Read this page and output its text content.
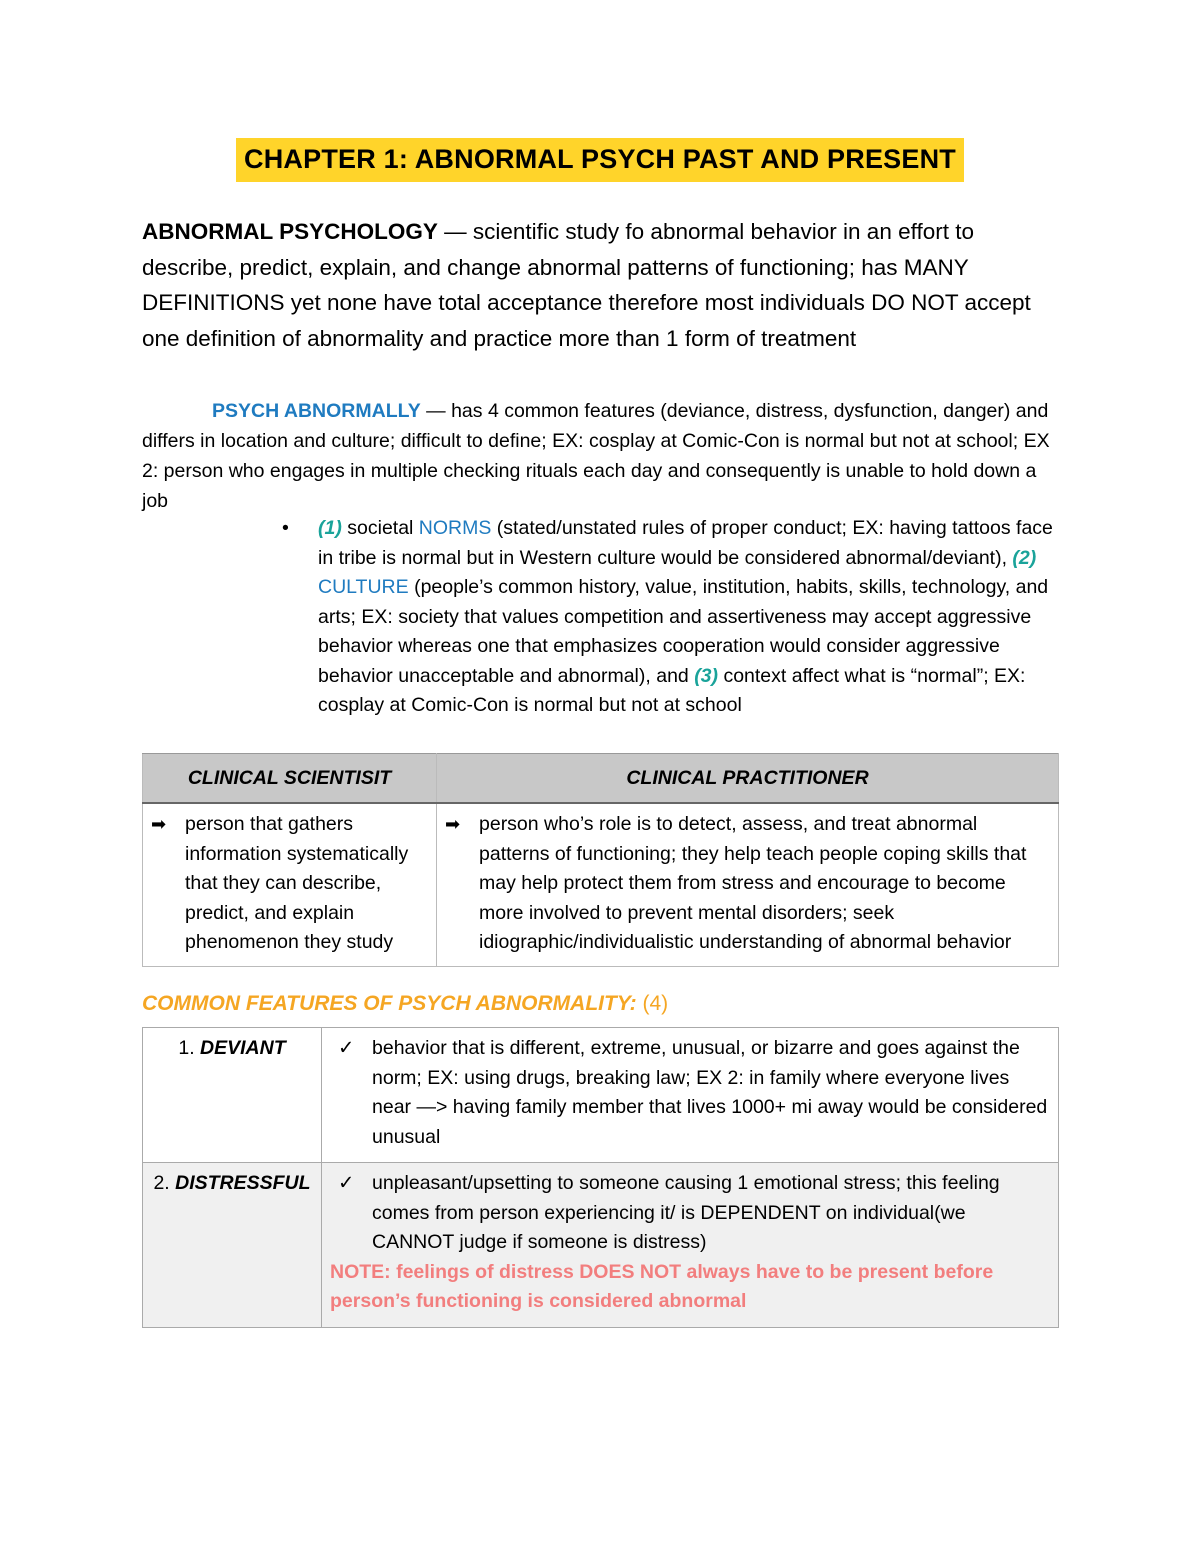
CHAPTER 1: ABNORMAL PSYCH PAST AND PRESENT
ABNORMAL PSYCHOLOGY — scientific study fo abnormal behavior in an effort to describe, predict, explain, and change abnormal patterns of functioning; has MANY DEFINITIONS yet none have total acceptance therefore most individuals DO NOT accept one definition of abnormality and practice more than 1 form of treatment
PSYCH ABNORMALLY — has 4 common features (deviance, distress, dysfunction, danger) and differs in location and culture; difficult to define; EX: cosplay at Comic-Con is normal but not at school; EX 2: person who engages in multiple checking rituals each day and consequently is unable to hold down a job
•	(1) societal NORMS (stated/unstated rules of proper conduct; EX: having tattoos face in tribe is normal but in Western culture would be considered abnormal/deviant), (2) CULTURE (people’s common history, value, institution, habits, skills, technology, and arts; EX: society that values competition and assertiveness may accept aggressive behavior whereas one that emphasizes cooperation would consider aggressive behavior unacceptable and abnormal), and (3) context affect what is “normal”; EX: cosplay at Comic-Con is normal but not at school
CLINICAL SCIENTISIT	CLINICAL PRACTITIONER

➡ person that gathers information systematically that they can describe, predict, and explain phenomenon they study	➡ person who’s role is to detect, assess, and treat abnormal patterns of functioning; they help teach people coping skills that may help protect them from stress and encourage to become more involved to prevent mental disorders; seek idiographic/individualistic understanding of abnormal behavior
COMMON FEATURES OF PSYCH ABNORMALITY: (4)
1. DEVIANT	✓ behavior that is different, extreme, unusual, or bizarre and goes against the norm; EX: using drugs, breaking law; EX 2: in family where everyone lives near —> having family member that lives 1000+ mi away would be considered unusual

2. DISTRESSFUL	✓ unpleasant/upsetting to someone causing 1 emotional stress; this feeling comes from person experiencing it/ is DEPENDENT on individual(we CANNOT judge if someone is distress)
NOTE: feelings of distress DOES NOT always have to be present before person’s functioning is considered abnormal
